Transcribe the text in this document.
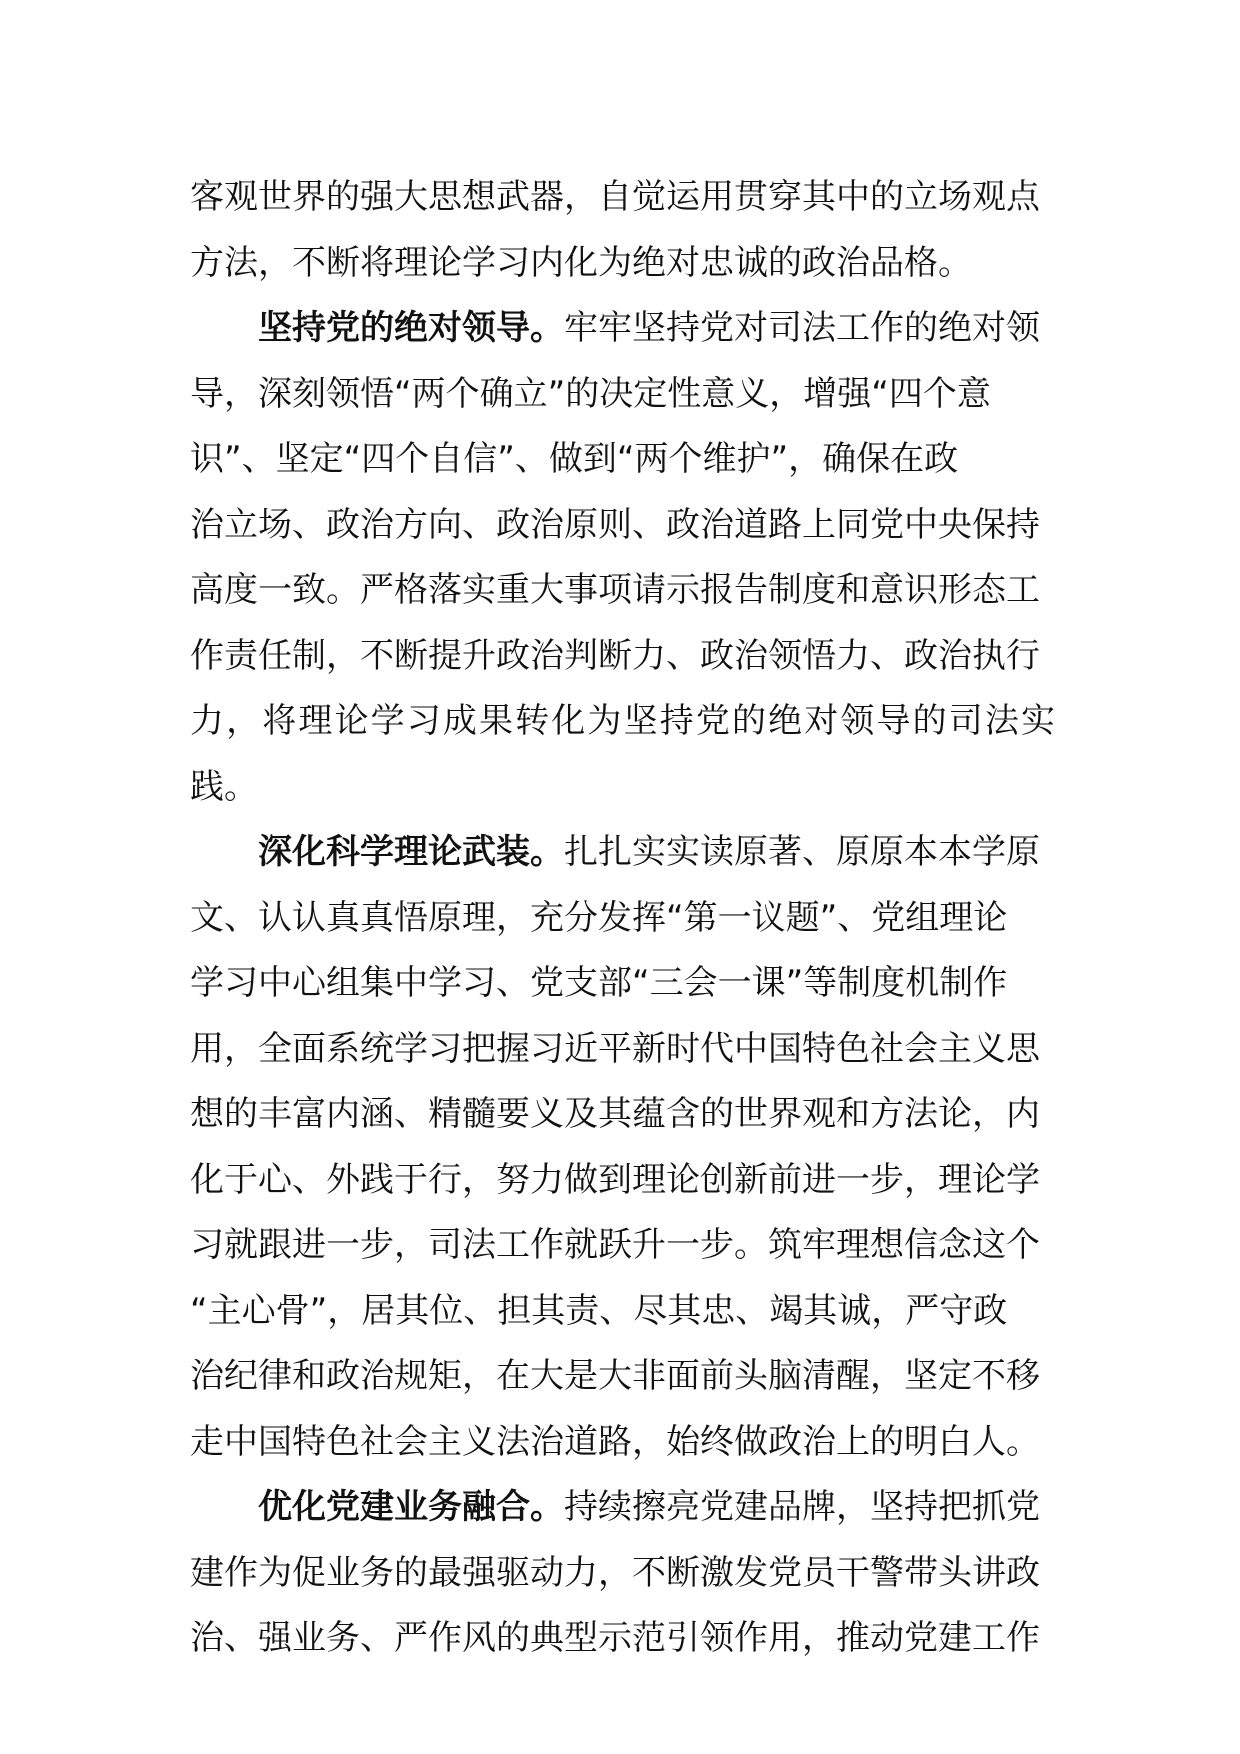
客观世界的强大思想武器，自觉运用贯穿其中的立场观点
方法，不断将理论学习内化为绝对忠诚的政治品格。

坚持党的绝对领导。牢牢坚持党对司法工作的绝对领
导，深刻领悟“两个确立”的决定性意义，增强“四个意
识”、坚定“四个自信”、做到“两个维护”，确保在政
治立场、政治方向、政治原则、政治道路上同党中央保持
高度一致。严格落实重大事项请示报告制度和意识形态工
作责任制，不断提升政治判断力、政治领悟力、政治执行
力，将理论学习成果转化为坚持党的绝对领导的司法实践。

深化科学理论武装。扎扎实实读原著、原原本本学原
文、认认真真悟原理，充分发挥“第一议题”、党组理论
学习中心组集中学习、党支部“三会一课”等制度机制作
用，全面系统学习把握习近平新时代中国特色社会主义思
想的丰富内涵、精髓要义及其蕴含的世界观和方法论，内
化于心、外践于行，努力做到理论创新前进一步，理论学
习就跟进一步，司法工作就跃升一步。筑牢理想信念这个
“主心骨”，居其位、担其责、尽其忠、竭其诚，严守政
治纪律和政治规矩，在大是大非面前头脑清醒，坚定不移
走中国特色社会主义法治道路，始终做政治上的明白人。

优化党建业务融合。持续擦亮党建品牌，坚持把抓党
建作为促业务的最强驱动力，不断激发党员干警带头讲政
治、强业务、严作风的典型示范引领作用，推动党建工作
